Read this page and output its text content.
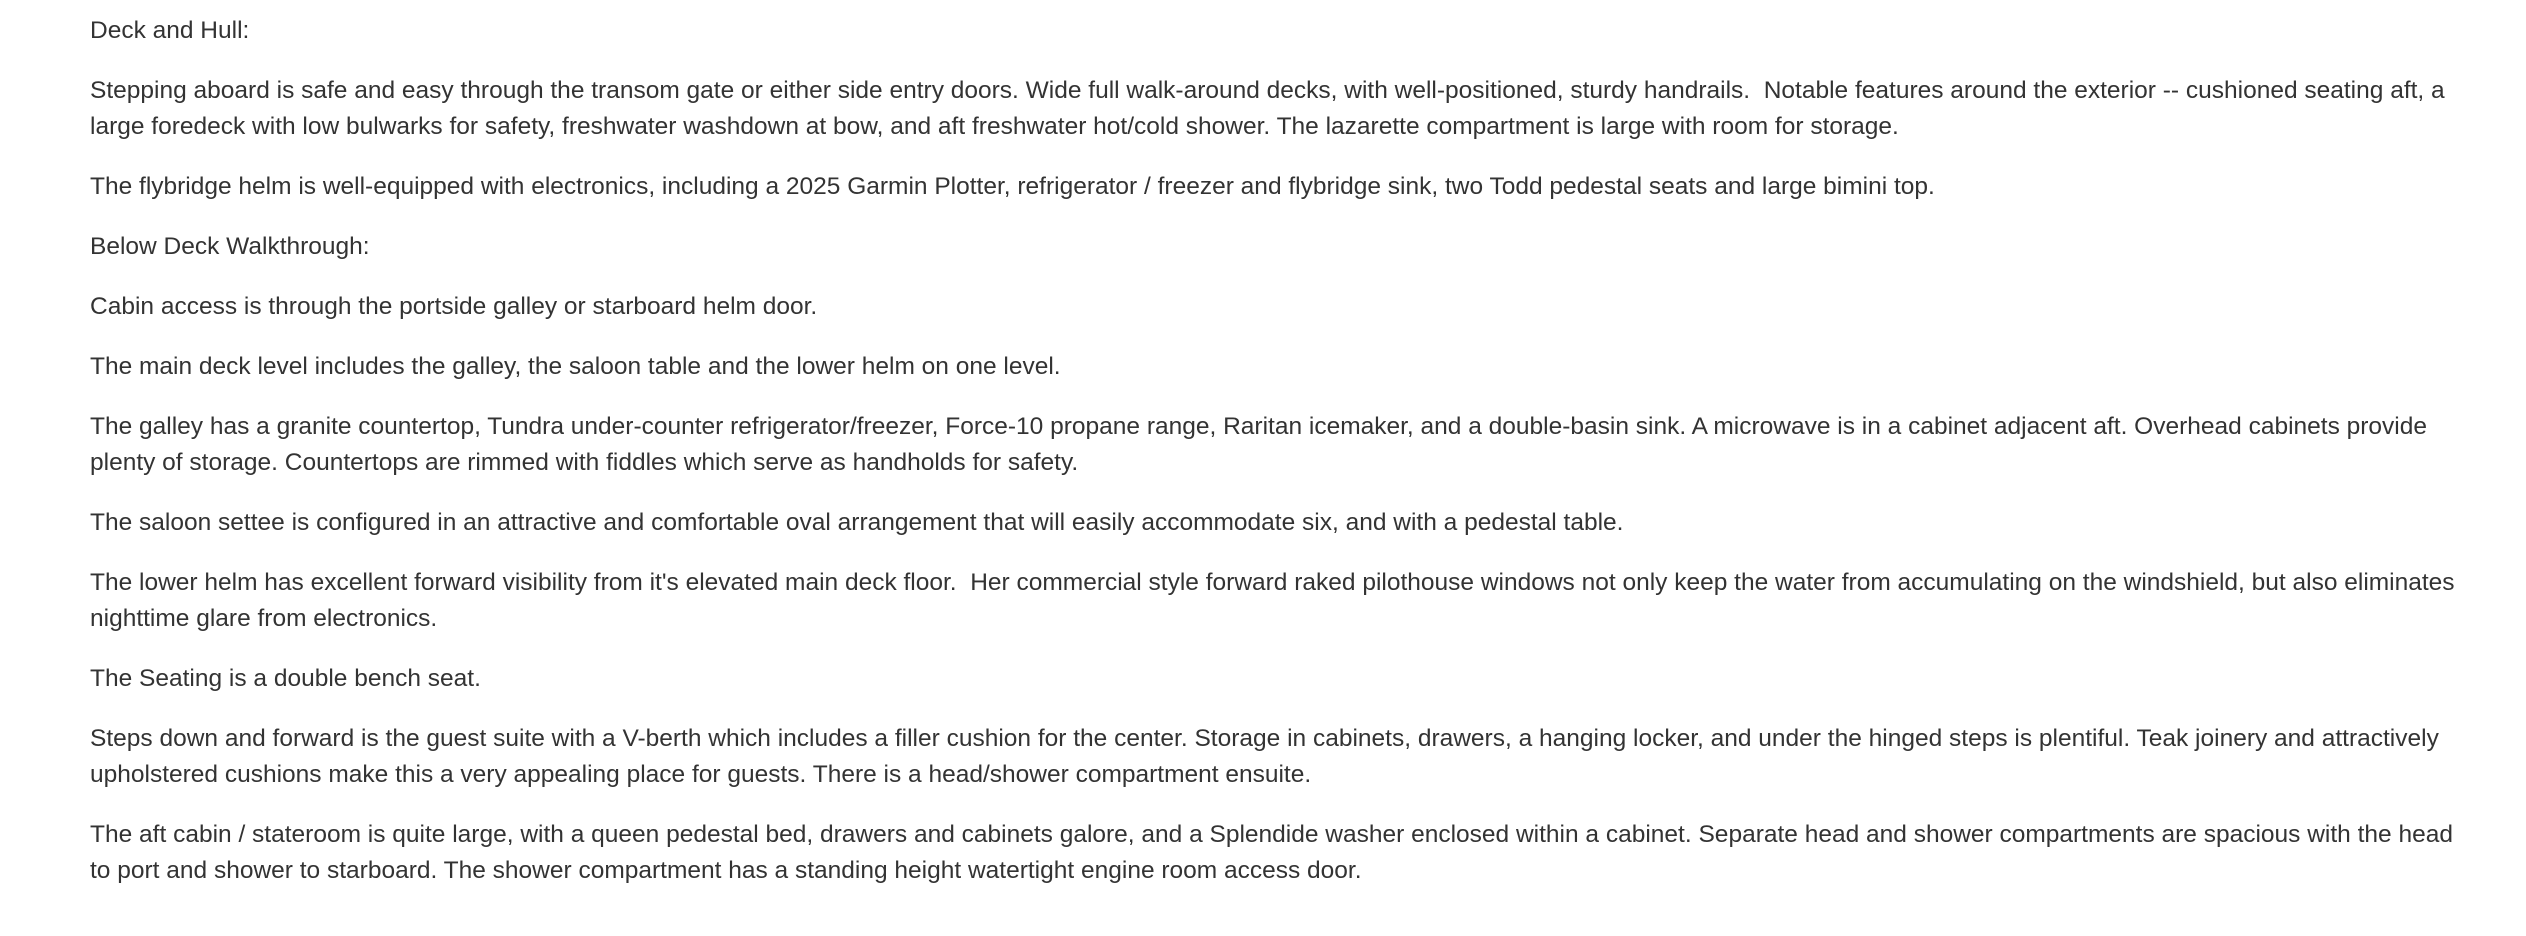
Deck and Hull:

Stepping aboard is safe and easy through the transom gate or either side entry doors. Wide full walk-around decks, with well-positioned, sturdy handrails.  Notable features around the exterior -- cushioned seating aft, a large foredeck with low bulwarks for safety, freshwater washdown at bow, and aft freshwater hot/cold shower. The lazarette compartment is large with room for storage.

The flybridge helm is well-equipped with electronics, including a 2025 Garmin Plotter, refrigerator / freezer and flybridge sink, two Todd pedestal seats and large bimini top.

Below Deck Walkthrough:

Cabin access is through the portside galley or starboard helm door.

The main deck level includes the galley, the saloon table and the lower helm on one level.

The galley has a granite countertop, Tundra under-counter refrigerator/freezer, Force-10 propane range, Raritan icemaker, and a double-basin sink. A microwave is in a cabinet adjacent aft. Overhead cabinets provide plenty of storage. Countertops are rimmed with fiddles which serve as handholds for safety.

The saloon settee is configured in an attractive and comfortable oval arrangement that will easily accommodate six, and with a pedestal table.

The lower helm has excellent forward visibility from it's elevated main deck floor.  Her commercial style forward raked pilothouse windows not only keep the water from accumulating on the windshield, but also eliminates nighttime glare from electronics.

The Seating is a double bench seat.

Steps down and forward is the guest suite with a V-berth which includes a filler cushion for the center. Storage in cabinets, drawers, a hanging locker, and under the hinged steps is plentiful. Teak joinery and attractively upholstered cushions make this a very appealing place for guests. There is a head/shower compartment ensuite.

The aft cabin / stateroom is quite large, with a queen pedestal bed, drawers and cabinets galore, and a Splendide washer enclosed within a cabinet. Separate head and shower compartments are spacious with the head to port and shower to starboard. The shower compartment has a standing height watertight engine room access door.
